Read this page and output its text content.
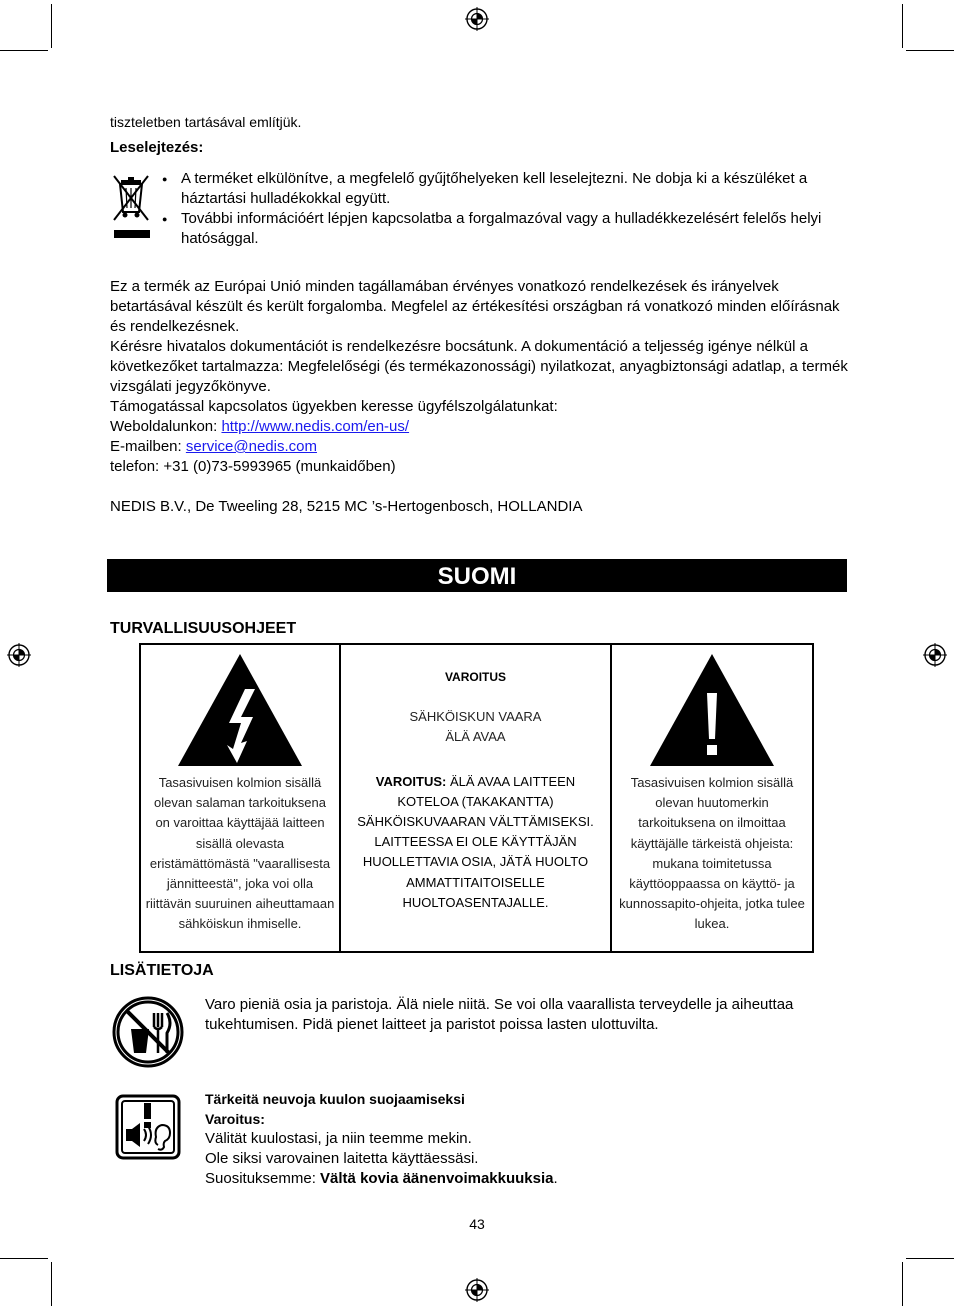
tiszteletben tartásával említjük.
Leselejtezés:
● A terméket elkülönítve, a megfelelő gyűjtőhelyeken kell leselejtezni. Ne dobja ki a készüléket a háztartási hulladékokkal együtt.
● További információért lépjen kapcsolatba a forgalmazóval vagy a hulladékkezelésért felelős helyi hatósággal.
Ez a termék az Európai Unió minden tagállamában érvényes vonatkozó rendelkezések és irányelvek betartásával készült és került forgalomba. Megfelel az értékesítési országban rá vonatkozó minden előírásnak és rendelkezésnek.
Kérésre hivatalos dokumentációt is rendelkezésre bocsátunk. A dokumentáció a teljesség igénye nélkül a következőket tartalmazza: Megfelelőségi (és termékazonossági) nyilatkozat, anyagbiztonsági adatlap, a termék vizsgálati jegyzőkönyve.
Támogatással kapcsolatos ügyekben keresse ügyfélszolgálatunkat:
Weboldalunkon: http://www.nedis.com/en-us/
E-mailben: service@nedis.com
telefon: +31 (0)73-5993965 (munkaidőben)
NEDIS B.V., De Tweeling 28, 5215 MC ’s-Hertogenbosch, HOLLANDIA
SUOMI
TURVALLISUUSOHJEET
Tasasivuisen kolmion sisällä olevan salaman tarkoituksena on varoittaa käyttäjää laitteen sisällä olevasta eristämättömästä "vaarallisesta jännitteestä", joka voi olla riittävän suuruinen aiheuttamaan sähköiskun ihmiselle.

VAROITUS
SÄHKÖISKUN VAARA
ÄLÄ AVAA
VAROITUS: ÄLÄ AVAA LAITTEEN KOTELOA (TAKAKANTTA) SÄHKÖISKUVAARAN VÄLTTÄMISEKSI. LAITTEESSA EI OLE KÄYTTÄJÄN HUOLLETTAVIA OSIA, JÄTÄ HUOLTO AMMATTITAITOISELLE HUOLTOASENTAJALLE.

Tasasivuisen kolmion sisällä olevan huutomerkin tarkoituksena on ilmoittaa käyttäjälle tärkeistä ohjeista: mukana toimitetussa käyttöoppaassa on käyttö- ja kunnossapito-ohjeita, jotka tulee lukea.
LISÄTIETOJA
Varo pieniä osia ja paristoja. Älä niele niitä. Se voi olla vaarallista terveydelle ja aiheuttaa tukehtumisen. Pidä pienet laitteet ja paristot poissa lasten ulottuvilta.
Tärkeitä neuvoja kuulon suojaamiseksi
Varoitus:
Välität kuulostasi, ja niin teemme mekin.
Ole siksi varovainen laitetta käyttäessäsi.
Suosituksemme: Vältä kovia äänenvoimakkuuksia.
43
